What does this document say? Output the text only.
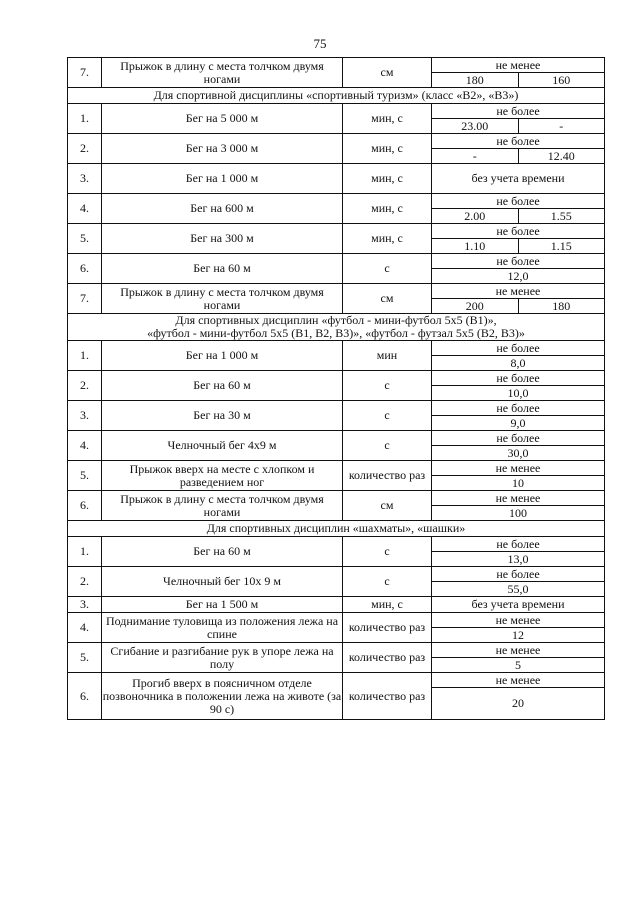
75
7.	Прыжок в длину с места толчком двумя ногами	см	не менее
180 160

Для спортивной дисциплины «спортивный туризм» (класс «В2», «В3»)			
1.	Бег на 5 000 м	мин, с	не более
23.00 -

2.	Бег на 3 000 м	мин, с	не более
- 12.40

3.	Бег на 1 000 м	мин, с	без учета времени
4.	Бег на 600 м	мин, с	не более
2.00 1.55

5.	Бег на 300 м	мин, с	не более
1.10 1.15

6.	Бег на 60 м	с	не более
12,0

7.	Прыжок в длину с места толчком двумя ногами	см	не менее
200 180

Для спортивных дисциплин «футбол - мини-футбол 5х5 (В1)»,
«футбол - мини-футбол 5х5 (В1, В2, В3)», «футбол - футзал 5х5 (В2, В3)»			

1.	Бег на 1 000 м	мин	не более
8,0

2.	Бег на 60 м	с	не более
10,0

3.	Бег на 30 м	с	не более
9,0

4.	Челночный бег 4х9 м	с	не более
30,0

5.	Прыжок вверх на месте с хлопком и разведением ног	количество раз	не менее
10

6.	Прыжок в длину с места толчком двумя ногами	см	не менее
100

Для спортивных дисциплин «шахматы», «шашки»			
1.	Бег на 60 м	с	не более
13,0

2.	Челночный бег 10х 9 м	с	не более
55,0

3.	Бег на 1 500 м	мин, с	без учета времени
4.	Поднимание туловища из положения лежа на спине	количество раз	не менее
12

5.	Сгибание и разгибание рук в упоре лежа на полу	количество раз	не менее
5

6.	Прогиб вверх в поясничном отделе позвоночника в положении лежа на животе (за 90 с)	количество раз	не менее
20
